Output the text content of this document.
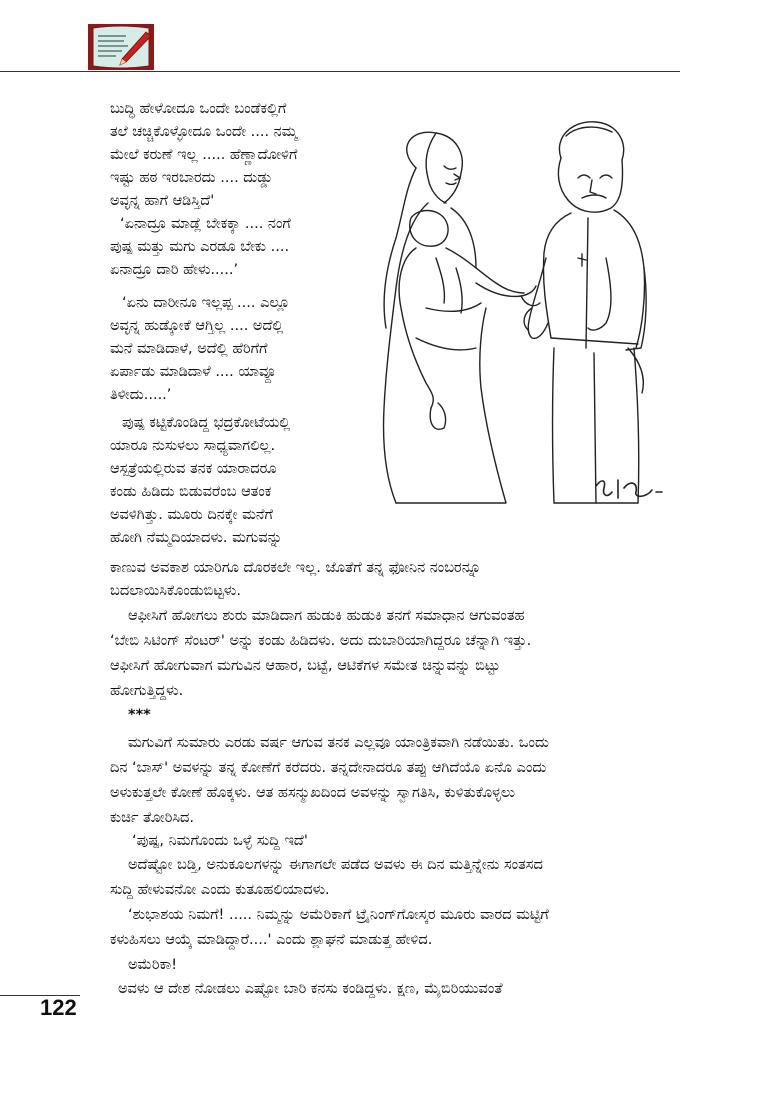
ಬುದ್ಧಿ ಹೇಳೋದೂ ಒಂದೇ ಬಂಡೆಕಲ್ಲಿಗೆ
ತಲೆ ಚಚ್ಚಿಕೊಳ್ಳೋದೂ ಒಂದೇ .... ನಮ್ಮ
ಮೇಲೆ ಕರುಣೆ ಇಲ್ಲ ..... ಹೆಣ್ಣಾದೋಳಿಗೆ
ಇಷ್ಟು ಹಠ ಇರಬಾರದು .... ದುಡ್ಡು
ಅವ್ಳನ್ನ ಹಾಗೆ ಆಡಿಸ್ತಿದೆ'
‘ಏನಾದ್ರೂ ಮಾಡ್ಲೆ ಬೇಕಕ್ಕಾ .... ನಂಗೆ
ಪುಷ್ಪ ಮತ್ತು ಮಗು ಎರಡೂ ಬೇಕು ....
ಏನಾದ್ರೂ ದಾರಿ ಹೇಳು.....’
‘ಏನು ದಾರೀನೂ ಇಲ್ಲಪ್ಪ .... ಎಲ್ಲೂ
ಅವ್ಳನ್ನ ಹುಡ್ಕೋಕೆ ಆಗ್ತಿಲ್ಲ .... ಅದೆಲ್ಲಿ
ಮನೆ ಮಾಡಿದಾಳೆ, ಅದೆಲ್ಲಿ ಹೆರಿಗೆಗೆ
ಏರ್ಪಾಡು ಮಾಡಿದಾಳೆ .... ಯಾವ್ದೂ
ತಿಳೀದು.....’
ಪುಷ್ಪ ಕಟ್ಟಿಕೊಂಡಿದ್ದ ಭದ್ರಕೋಟೆಯಲ್ಲಿ
ಯಾರೂ ನುಸುಳಲು ಸಾಧ್ಯವಾಗಲಿಲ್ಲ.
ಆಸ್ಪತ್ರೆಯಲ್ಲಿರುವ ತನಕ ಯಾರಾದರೂ
ಕಂಡು ಹಿಡಿದು ಬಿಡುವರೆಂಬ ಆತಂಕ
ಅವಳಿಗಿತ್ತು. ಮೂರು ದಿನಕ್ಕೇ ಮನೆಗೆ
ಹೋಗಿ ನೆಮ್ಮದಿಯಾದಳು. ಮಗುವನ್ನು
ಕಾಣುವ ಅವಕಾಶ ಯಾರಿಗೂ ದೊರಕಲೇ ಇಲ್ಲ. ಜೊತೆಗೆ ತನ್ನ ಫೋನಿನ ನಂಬರನ್ನೂ
ಬದಲಾಯಿಸಿಕೊಂಡುಬಿಟ್ಟಳು.
ಆಫೀಸಿಗೆ ಹೋಗಲು ಶುರು ಮಾಡಿದಾಗ ಹುಡುಕಿ ಹುಡುಕಿ ತನಗೆ ಸಮಾಧಾನ ಆಗುವಂತಹ
‘ಬೇಬಿ ಸಿಟಿಂಗ್ ಸೆಂಟರ್' ಅನ್ನು ಕಂಡು ಹಿಡಿದಳು. ಅದು ದುಬಾರಿಯಾಗಿದ್ದರೂ ಚೆನ್ನಾಗಿ ಇತ್ತು.
ಆಫೀಸಿಗೆ ಹೋಗುವಾಗ ಮಗುವಿನ ಆಹಾರ, ಬಟ್ಟೆ, ಆಟಿಕೆಗಳ ಸಮೇತ ಚಿನ್ನುವನ್ನು ಬಿಟ್ಟು
ಹೋಗುತ್ತಿದ್ದಳು.
***
ಮಗುವಿಗೆ ಸುಮಾರು ಎರಡು ವರ್ಷ ಆಗುವ ತನಕ ಎಲ್ಲವೂ ಯಾಂತ್ರಿಕವಾಗಿ ನಡೆಯಿತು. ಒಂದು
ದಿನ ‘ಬಾಸ್' ಅವಳನ್ನು ತನ್ನ ಕೋಣೆಗೆ ಕರೆದರು. ತನ್ನದೇನಾದರೂ ತಪ್ಪು ಆಗಿದೆಯೊ ಏನೊ ಎಂದು
ಅಳುಕುತ್ತಲೇ ಕೋಣೆ ಹೊಕ್ಕಳು. ಆತ ಹಸನ್ಮುಖದಿಂದ ಅವಳನ್ನು ಸ್ವಾಗತಿಸಿ, ಕುಳಿತುಕೊಳ್ಳಲು
ಕುರ್ಚಿ ತೋರಿಸಿದ.
‘ಪುಷ್ಪ, ನಿಮಗೊಂದು ಒಳ್ಳೆ ಸುದ್ದಿ ಇದೆ'
ಅದೆಷ್ಟೋ ಬಡ್ತಿ, ಅನುಕೂಲಗಳನ್ನು ಈಗಾಗಲೇ ಪಡೆದ ಅವಳು ಈ ದಿನ ಮತ್ತಿನ್ನೇನು ಸಂತಸದ
ಸುದ್ದಿ ಹೇಳುವನೋ ಎಂದು ಕುತೂಹಲಿಯಾದಳು.
‘ಶುಭಾಶಯ ನಿಮಗೆ! ..... ನಿಮ್ಮನ್ನು ಅಮೆರಿಕಾಗೆ ಟ್ರೈನಿಂಗ್‌ಗೋಸ್ಕರ ಮೂರು ವಾರದ ಮಟ್ಟಿಗೆ
ಕಳುಹಿಸಲು ಆಯ್ಕೆ ಮಾಡಿದ್ದಾರೆ....' ಎಂದು ಶ್ಲಾಘನೆ ಮಾಡುತ್ತ ಹೇಳಿದ.
ಅಮೆರಿಕಾ!
ಅವಳು ಆ ದೇಶ ನೋಡಲು ಎಷ್ಟೋ ಬಾರಿ ಕನಸು ಕಂಡಿದ್ದಳು. ಕ್ಷಣ, ಮೈಬಿರಿಯುವಂತೆ
122
